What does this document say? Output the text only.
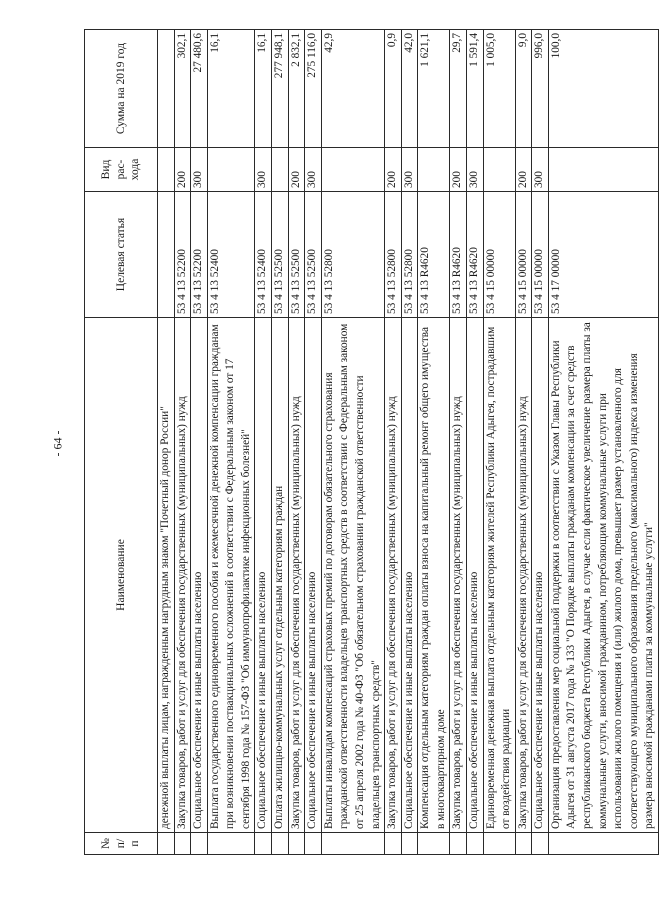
- 64 -
№ п/п	Наименование	Целевая статья	Вид рас- хода	Сумма на 2019 год
	денежной выплаты лицам, награжденным нагрудным знаком "Почетный донор России"			
	Закупка товаров, работ и услуг для обеспечения государственных (муниципальных) нужд	53 4 13 52200	200	302,1
	Социальное обеспечение и иные выплаты населению	53 4 13 52200	300	27 480,6
	Выплата государственного единовременного пособия и ежемесячной денежной компенсации гражданам при возникновении поствакцинальных осложнений в соответствии с Федеральным законом от 17 сентября 1998 года № 157-ФЗ "Об иммунопрофилактике инфекционных болезней"	53 4 13 52400		16,1
	Социальное обеспечение и иные выплаты населению	53 4 13 52400	300	16,1
	Оплата жилищно-коммунальных услуг отдельным категориям граждан	53 4 13 52500		277 948,1
	Закупка товаров, работ и услуг для обеспечения государственных (муниципальных) нужд	53 4 13 52500	200	2 832,1
	Социальное обеспечение и иные выплаты населению	53 4 13 52500	300	275 116,0
	Выплаты инвалидам компенсаций страховых премий по договорам обязательного страхования гражданской ответственности владельцев транспортных средств в соответствии с Федеральным законом от 25 апреля 2002 года № 40-ФЗ "Об обязательном страховании гражданской ответственности владельцев транспортных средств"	53 4 13 52800		42,9
	Закупка товаров, работ и услуг для обеспечения государственных (муниципальных) нужд	53 4 13 52800	200	0,9
	Социальное обеспечение и иные выплаты населению	53 4 13 52800	300	42,0
	Компенсация отдельным категориям граждан оплаты взноса на капитальный ремонт общего имущества в многоквартирном доме	53 4 13 R4620		1 621,1
	Закупка товаров, работ и услуг для обеспечения государственных (муниципальных) нужд	53 4 13 R4620	200	29,7
	Социальное обеспечение и иные выплаты населению	53 4 13 R4620	300	1 591,4
	Единовременная денежная выплата отдельным категориям жителей Республики Адыгея, пострадавшим от воздействия радиации	53 4 15 00000		1 005,0
	Закупка товаров, работ и услуг для обеспечения государственных (муниципальных) нужд	53 4 15 00000	200	9,0
	Социальное обеспечение и иные выплаты населению	53 4 15 00000	300	996,0
	Организация предоставления мер социальной поддержки в соответствии с Указом Главы Республики Адыгея от 31 августа 2017 года № 133 "О Порядке выплаты гражданам компенсации за счет средств республиканского бюджета Республики Адыгея, в случае если фактическое увеличение размера платы за коммунальные услуги, вносимой гражданином, потребляющим коммунальные услуги при использовании жилого помещения и (или) жилого дома, превышает размер установленного для соответствующего муниципального образования предельного (максимального) индекса изменения размера вносимой гражданами платы за коммунальные услуги"	53 4 17 00000		100,0
